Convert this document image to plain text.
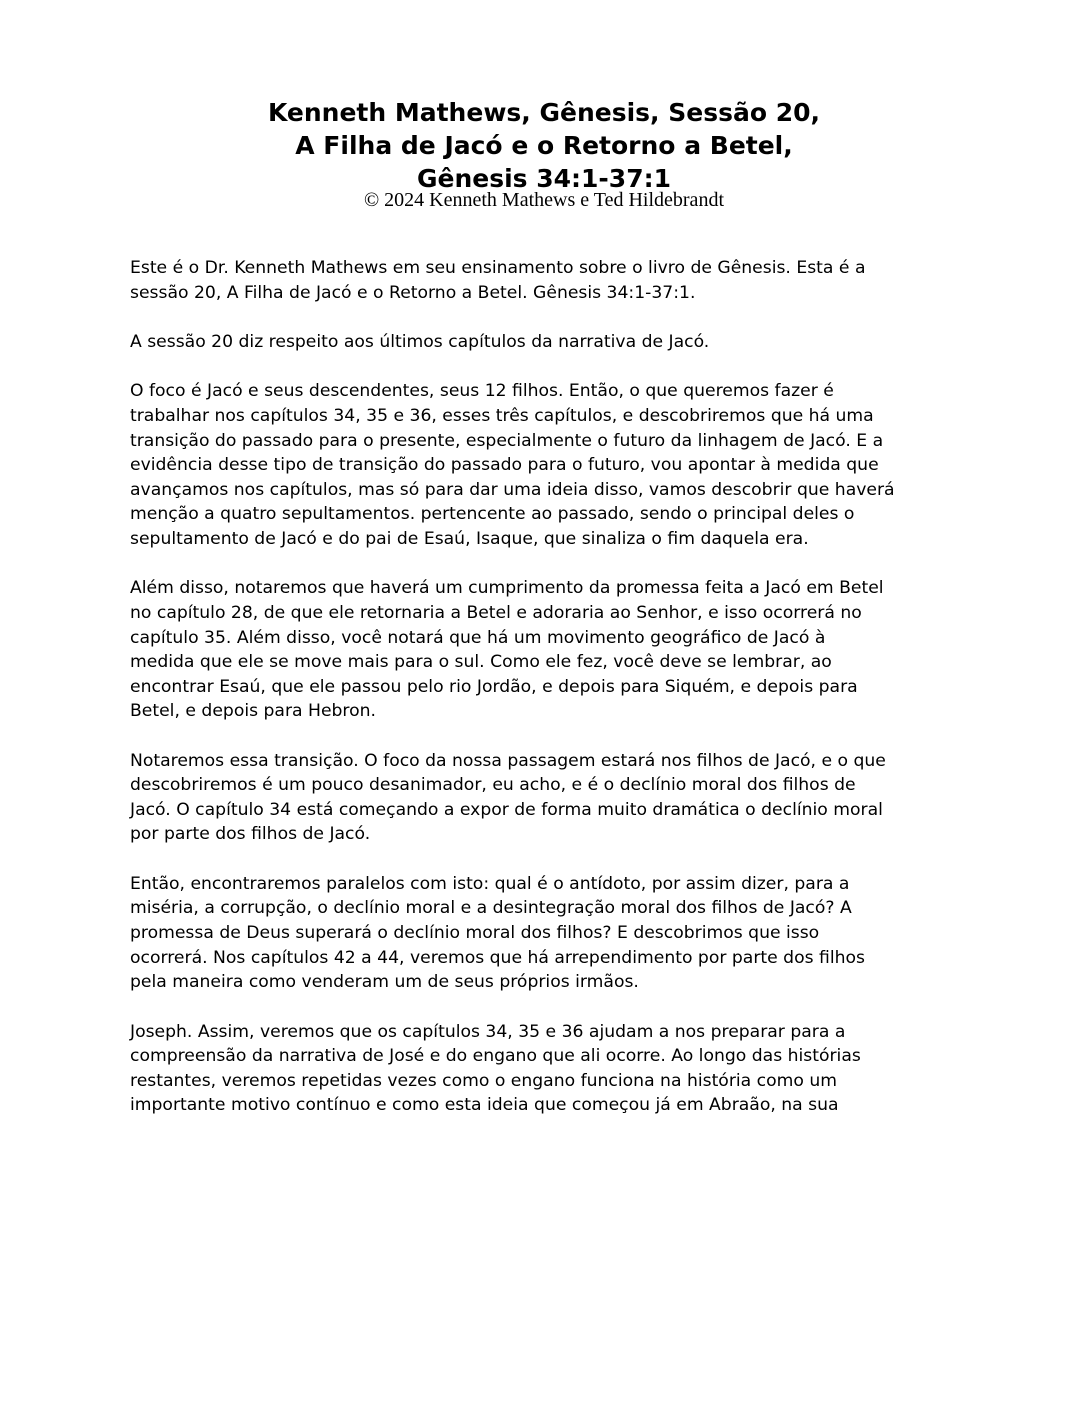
Kenneth Mathews, Gênesis, Sessão 20,
A Filha de Jacó e o Retorno a Betel,
Gênesis 34:1-37:1
© 2024 Kenneth Mathews e Ted Hildebrandt
Este é o Dr. Kenneth Mathews em seu ensinamento sobre o livro de Gênesis. Esta é a
sessão 20, A Filha de Jacó e o Retorno a Betel. Gênesis 34:1-37:1.
A sessão 20 diz respeito aos últimos capítulos da narrativa de Jacó.
O foco é Jacó e seus descendentes, seus 12 filhos. Então, o que queremos fazer é
trabalhar nos capítulos 34, 35 e 36, esses três capítulos, e descobriremos que há uma
transição do passado para o presente, especialmente o futuro da linhagem de Jacó. E a
evidência desse tipo de transição do passado para o futuro, vou apontar à medida que
avançamos nos capítulos, mas só para dar uma ideia disso, vamos descobrir que haverá
menção a quatro sepultamentos. pertencente ao passado, sendo o principal deles o
sepultamento de Jacó e do pai de Esaú, Isaque, que sinaliza o fim daquela era.
Além disso, notaremos que haverá um cumprimento da promessa feita a Jacó em Betel
no capítulo 28, de que ele retornaria a Betel e adoraria ao Senhor, e isso ocorrerá no
capítulo 35. Além disso, você notará que há um movimento geográfico de Jacó à
medida que ele se move mais para o sul. Como ele fez, você deve se lembrar, ao
encontrar Esaú, que ele passou pelo rio Jordão, e depois para Siquém, e depois para
Betel, e depois para Hebron.
Notaremos essa transição. O foco da nossa passagem estará nos filhos de Jacó, e o que
descobriremos é um pouco desanimador, eu acho, e é o declínio moral dos filhos de
Jacó. O capítulo 34 está começando a expor de forma muito dramática o declínio moral
por parte dos filhos de Jacó.
Então, encontraremos paralelos com isto: qual é o antídoto, por assim dizer, para a
miséria, a corrupção, o declínio moral e a desintegração moral dos filhos de Jacó? A
promessa de Deus superará o declínio moral dos filhos? E descobrimos que isso
ocorrerá. Nos capítulos 42 a 44, veremos que há arrependimento por parte dos filhos
pela maneira como venderam um de seus próprios irmãos.
Joseph. Assim, veremos que os capítulos 34, 35 e 36 ajudam a nos preparar para a
compreensão da narrativa de José e do engano que ali ocorre. Ao longo das histórias
restantes, veremos repetidas vezes como o engano funciona na história como um
importante motivo contínuo e como esta ideia que começou já em Abraão, na sua
